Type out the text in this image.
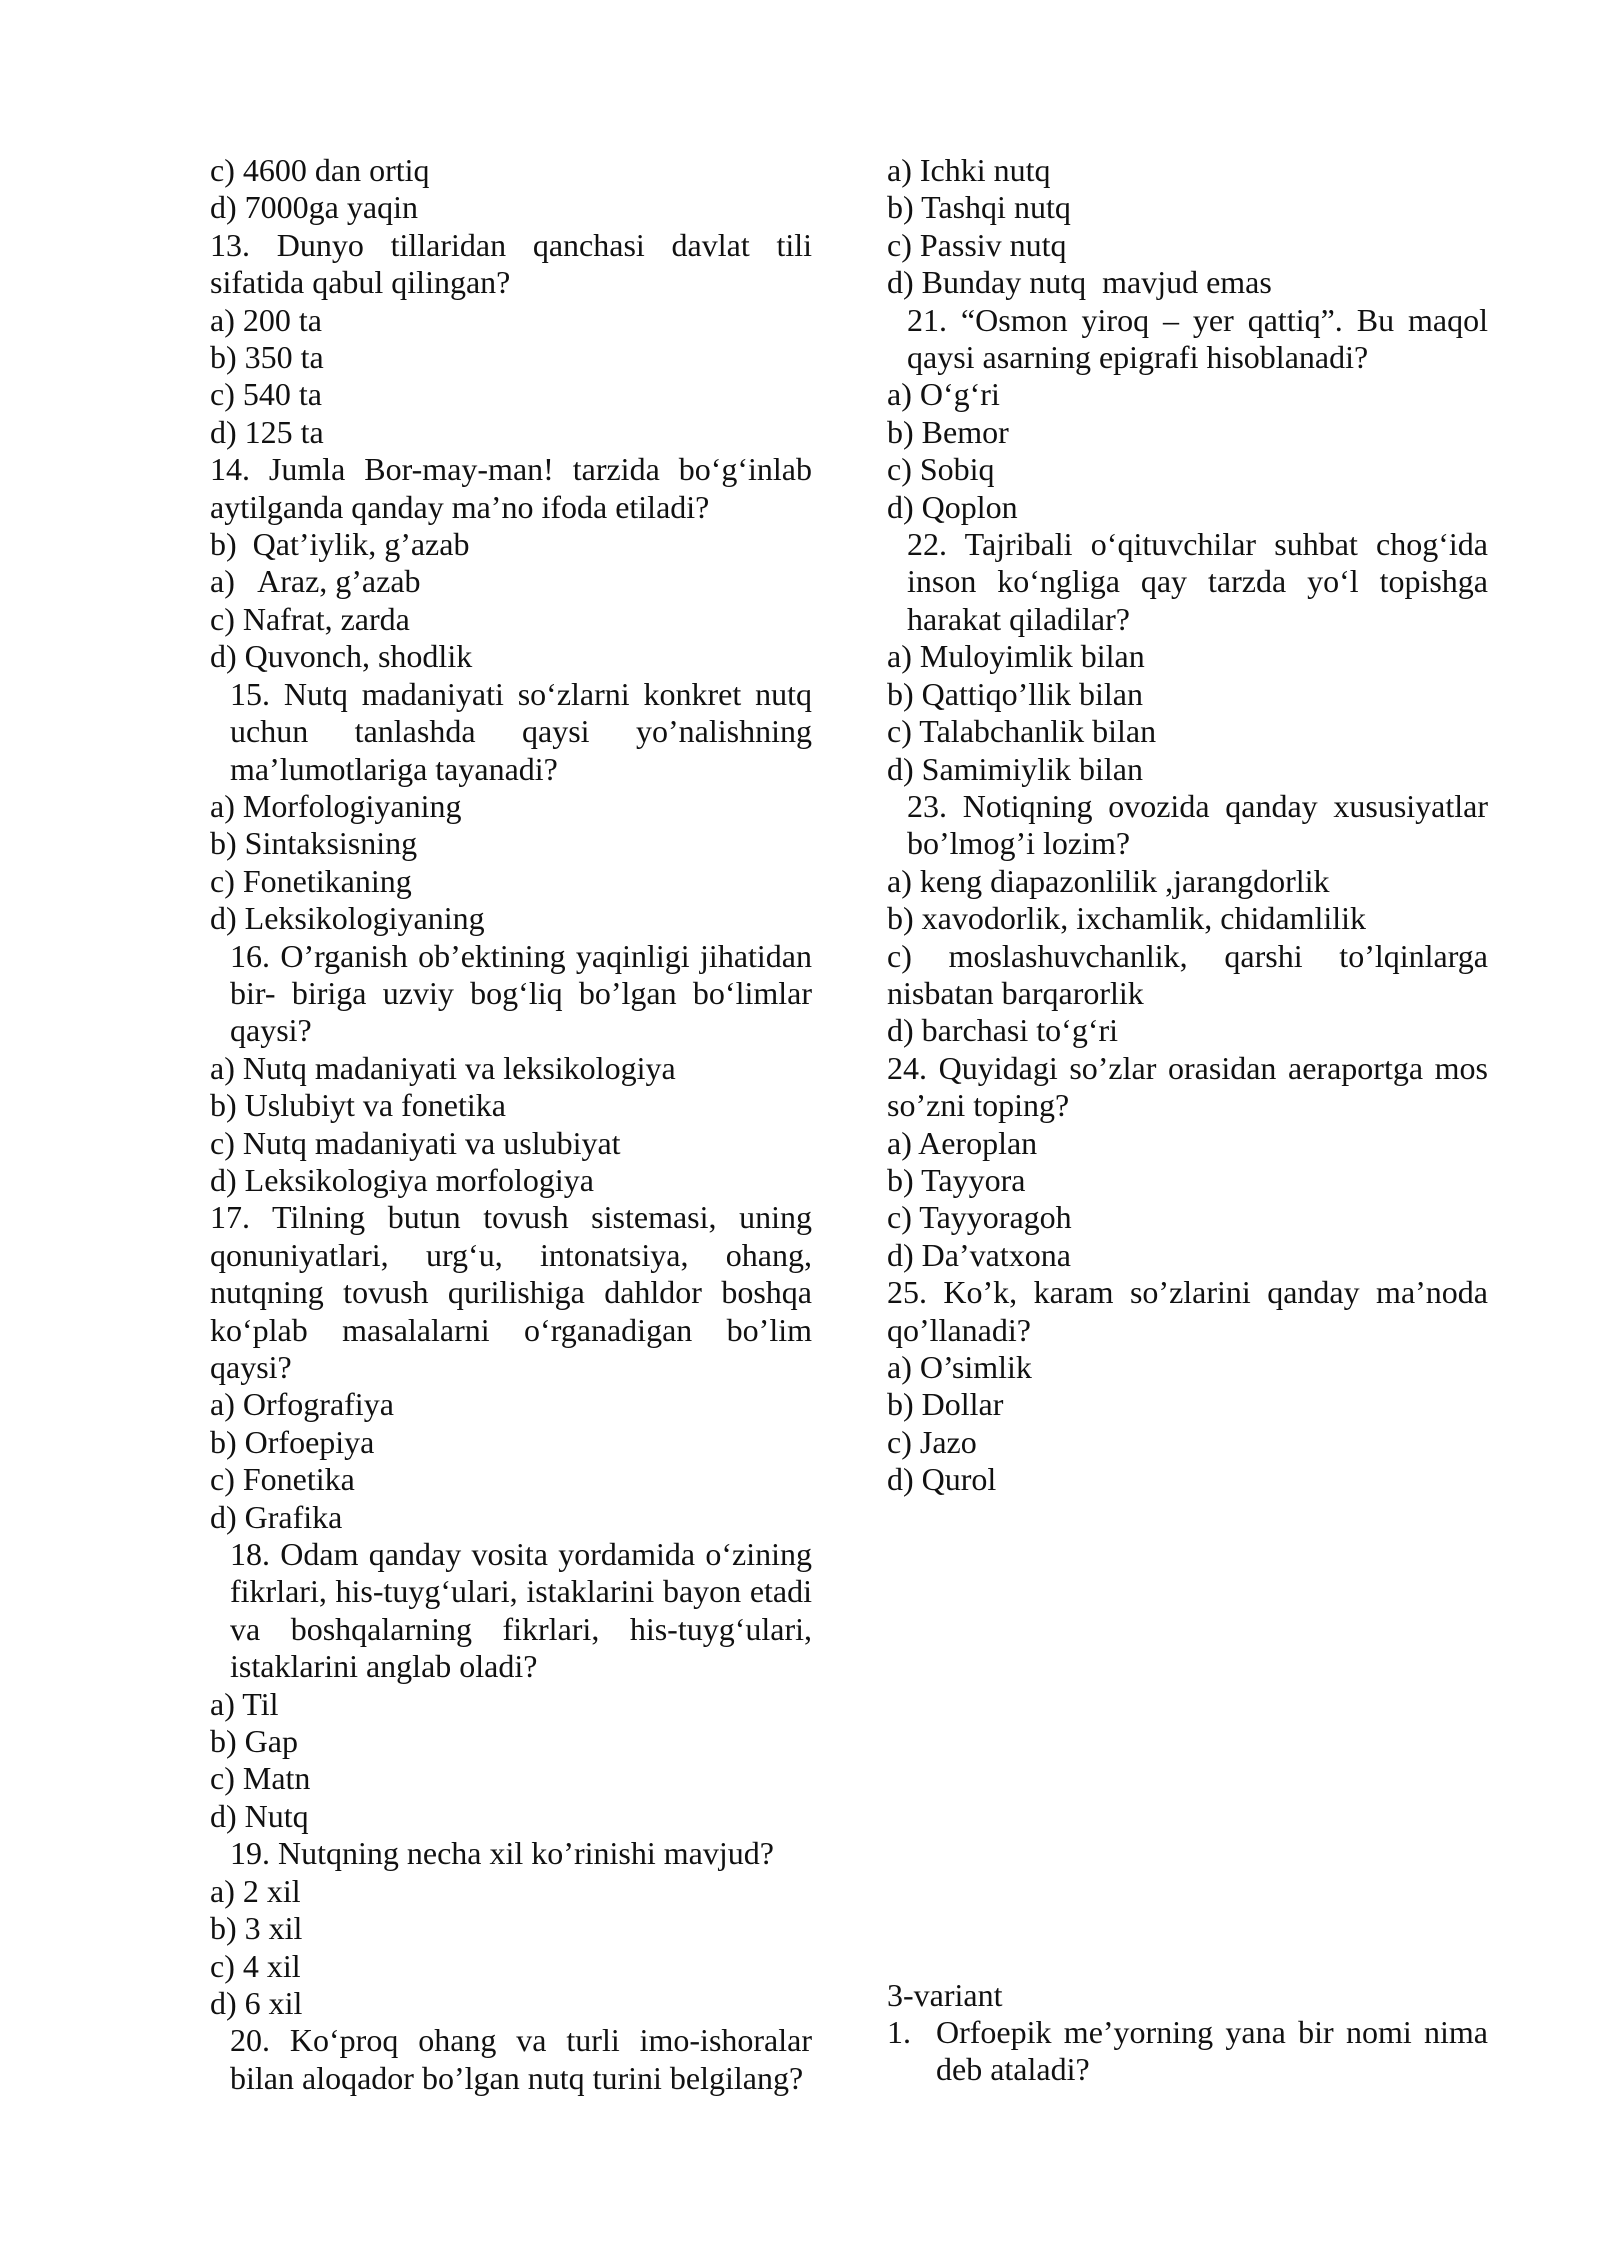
c) 4600 dan ortiq

d) 7000ga yaqin

13. Dunyo tillaridan qanchasi davlat tili sifatida qabul qilingan?

a) 200 ta

b) 350 ta

c) 540 ta

d) 125 ta

14. Jumla Bor-may-man! tarzida bo‘g‘inlab aytilganda qanday ma’no ifoda etiladi?

b)  Qat’iylik, g’azab

a)   Araz, g’azab

c) Nafrat, zarda

d) Quvonch, shodlik

15. Nutq madaniyati so‘zlarni konkret nutq uchun tanlashda qaysi yo’nalishning ma’lumotlariga tayanadi?

a) Morfologiyaning

b) Sintaksisning

c) Fonetikaning

d) Leksikologiyaning

16. O’rganish ob’ektining yaqinligi jihatidan bir- biriga uzviy bog‘liq bo’lgan bo‘limlar qaysi?

a) Nutq madaniyati va leksikologiya

b) Uslubiyt va fonetika

c) Nutq madaniyati va uslubiyat

d) Leksikologiya morfologiya

17. Tilning butun tovush sistemasi, uning qonuniyatlari, urg‘u, intonatsiya, ohang, nutqning tovush qurilishiga dahldor boshqa ko‘plab masalalarni o‘rganadigan bo’lim qaysi?

a) Orfografiya

b) Orfoepiya

c) Fonetika

d) Grafika

18. Odam qanday vosita yordamida o‘zining fikrlari, his-tuyg‘ulari, istaklarini bayon etadi va boshqalarning fikrlari, his-tuyg‘ulari, istaklarini anglab oladi?

a) Til

b) Gap

c) Matn

d) Nutq

19. Nutqning necha xil ko’rinishi mavjud?

a) 2 xil

b) 3 xil

c) 4 xil

d) 6 xil

20. Ko‘proq ohang va turli imo-ishoralar bilan aloqador bo’lgan nutq turini belgilang?

a) Ichki nutq

b) Tashqi nutq

c) Passiv nutq

d) Bunday nutq  mavjud emas

21. “Osmon yiroq – yer qattiq”. Bu maqol qaysi asarning epigrafi hisoblanadi?

a) O‘g‘ri

b) Bemor

c) Sobiq

d) Qoplon

22. Tajribali o‘qituvchilar suhbat chog‘ida inson ko‘ngliga qay tarzda yo‘l topishga harakat qiladilar?

a) Muloyimlik bilan

b) Qattiqo’llik bilan

c) Talabchanlik bilan

d) Samimiylik bilan

23. Notiqning ovozida qanday xususiyatlar bo’lmog’i lozim?

a) keng diapazonlilik ,jarangdorlik

b) xavodorlik, ixchamlik, chidamlilik

c) moslashuvchanlik, qarshi to’lqinlarga nisbatan barqarorlik

d) barchasi to‘g‘ri

24. Quyidagi so’zlar orasidan aeraportga mos so’zni toping?

a) Aeroplan

b) Tayyora

c) Tayyoragoh

d) Da’vatxona

25. Ko’k, karam so’zlarini qanday ma’noda qo’llanadi?

a) O’simlik

b) Dollar

c) Jazo

d) Qurol

3-variant

1. Orfoepik me’yorning yana bir nomi nima deb ataladi?
